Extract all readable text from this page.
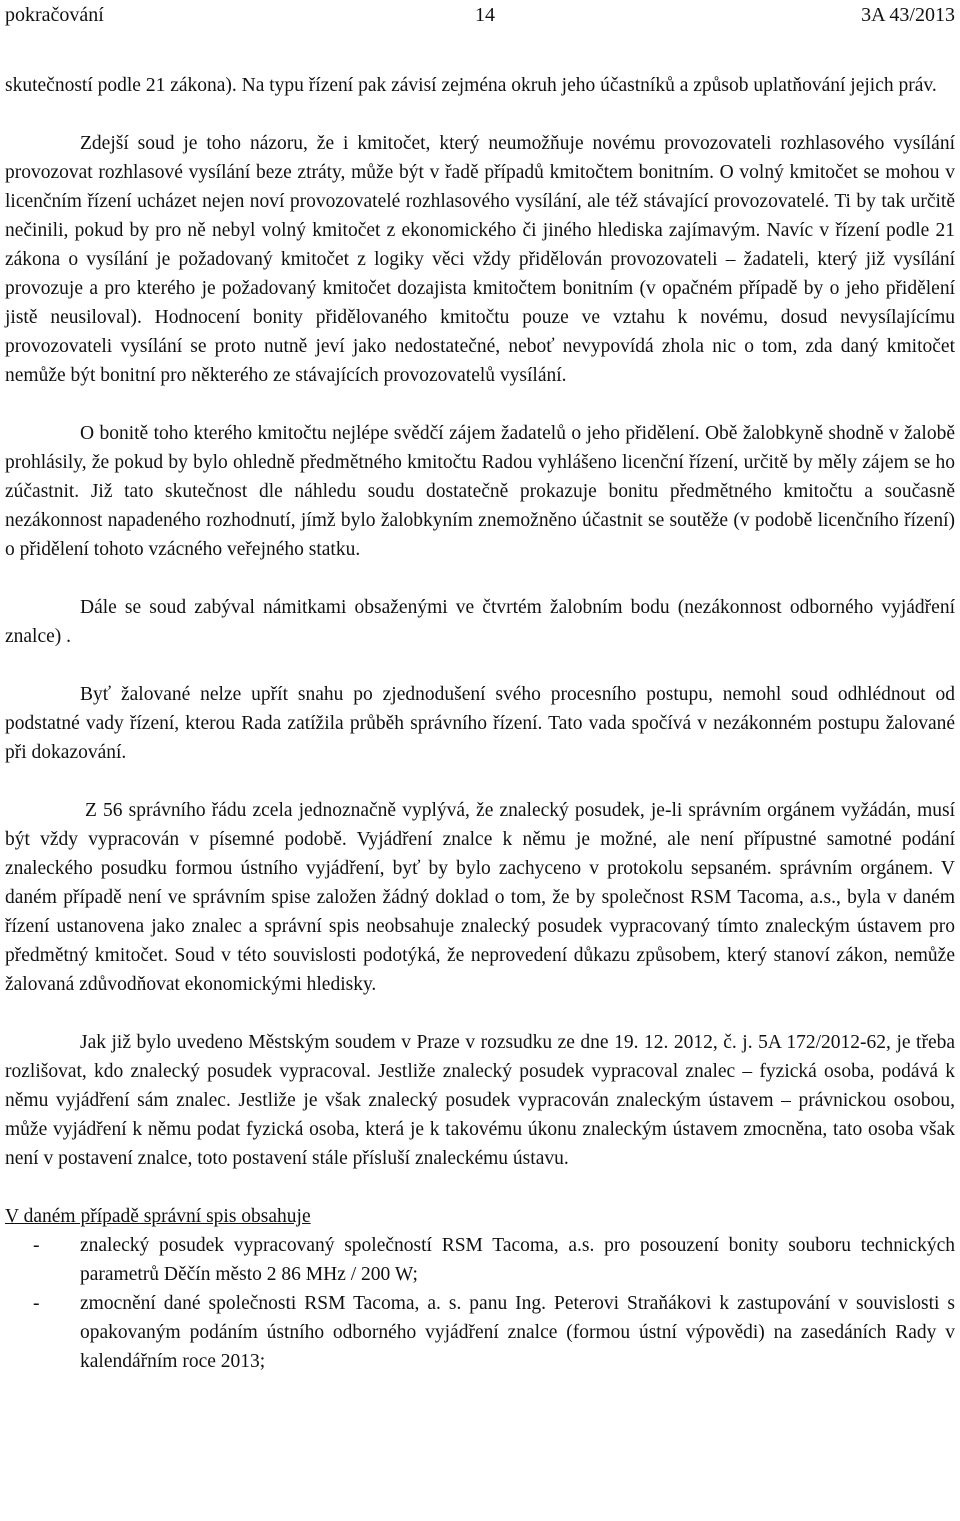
pokračování	14	3A 43/2013

skutečností podle 21 zákona). Na typu řízení pak závisí zejména okruh jeho účastníků a způsob uplatňování jejich práv.

Zdejší soud je toho názoru, že i kmitočet, který neumožňuje novému provozovateli rozhlasového vysílání provozovat rozhlasové vysílání beze ztráty, může být v řadě případů kmitočtem bonitním. O volný kmitočet se mohou v licenčním řízení ucházet nejen noví provozovatelé rozhlasového vysílání, ale též stávající provozovatelé. Ti by tak určitě nečinili, pokud by pro ně nebyl volný kmitočet z ekonomického či jiného hlediska zajímavým. Navíc v řízení podle 21 zákona o vysílání je požadovaný kmitočet z logiky věci vždy přidělován provozovateli – žadateli, který již vysílání provozuje a pro kterého je požadovaný kmitočet dozajista kmitočtem bonitním (v opačném případě by o jeho přidělení jistě neusiloval). Hodnocení bonity přidělovaného kmitočtu pouze ve vztahu k novému, dosud nevysílajícímu provozovateli vysílání se proto nutně jeví jako nedostatečné, neboť nevypovídá zhola nic o tom, zda daný kmitočet nemůže být bonitní pro některého ze stávajících provozovatelů vysílání.

O bonitě toho kterého kmitočtu nejlépe svědčí zájem žadatelů o jeho přidělení. Obě žalobkyně shodně v žalobě prohlásily, že pokud by bylo ohledně předmětného kmitočtu Radou vyhlášeno licenční řízení, určitě by měly zájem se ho zúčastnit. Již tato skutečnost dle náhledu soudu dostatečně prokazuje bonitu předmětného kmitočtu a současně nezákonnost napadeného rozhodnutí, jímž bylo žalobkyním znemožněno účastnit se soutěže (v podobě licenčního řízení) o přidělení tohoto vzácného veřejného statku.

Dále se soud zabýval námitkami obsaženými ve čtvrtém žalobním bodu (nezákonnost odborného vyjádření znalce) .

Byť žalované nelze upřít snahu po zjednodušení svého procesního postupu, nemohl soud odhlédnout od podstatné vady řízení, kterou Rada zatížila průběh správního řízení. Tato vada spočívá v nezákonném postupu žalované při dokazování.

Z 56 správního řádu zcela jednoznačně vyplývá, že znalecký posudek, je-li správním orgánem vyžádán, musí být vždy vypracován v písemné podobě. Vyjádření znalce k němu je možné, ale není přípustné samotné podání znaleckého posudku formou ústního vyjádření, byť by bylo zachyceno v protokolu sepsaném. správním orgánem. V daném případě není ve správním spise založen žádný doklad o tom, že by společnost RSM Tacoma, a.s., byla v daném řízení ustanovena jako znalec a správní spis neobsahuje znalecký posudek vypracovaný tímto znaleckým ústavem pro předmětný kmitočet. Soud v této souvislosti podotýká, že neprovedení důkazu způsobem, který stanoví zákon, nemůže žalovaná zdůvodňovat ekonomickými hledisky.

Jak již bylo uvedeno Městským soudem v Praze v rozsudku ze dne 19. 12. 2012, č. j. 5A 172/2012-62, je třeba rozlišovat, kdo znalecký posudek vypracoval. Jestliže znalecký posudek vypracoval znalec – fyzická osoba, podává k němu vyjádření sám znalec. Jestliže je však znalecký posudek vypracován znaleckým ústavem – právnickou osobou, může vyjádření k němu podat fyzická osoba, která je k takovému úkonu znaleckým ústavem zmocněna, tato osoba však není v postavení znalce, toto postavení stále přísluší znaleckému ústavu.

V daném případě správní spis obsahuje
- znalecký posudek vypracovaný společností RSM Tacoma, a.s. pro posouzení bonity souboru technických parametrů Děčín město 2 86 MHz / 200 W;
- zmocnění dané společnosti RSM Tacoma, a. s. panu Ing. Peterovi Straňákovi k zastupování v souvislosti s opakovaným podáním ústního odborného vyjádření znalce (formou ústní výpovědi) na zasedáních Rady v kalendářním roce 2013;
